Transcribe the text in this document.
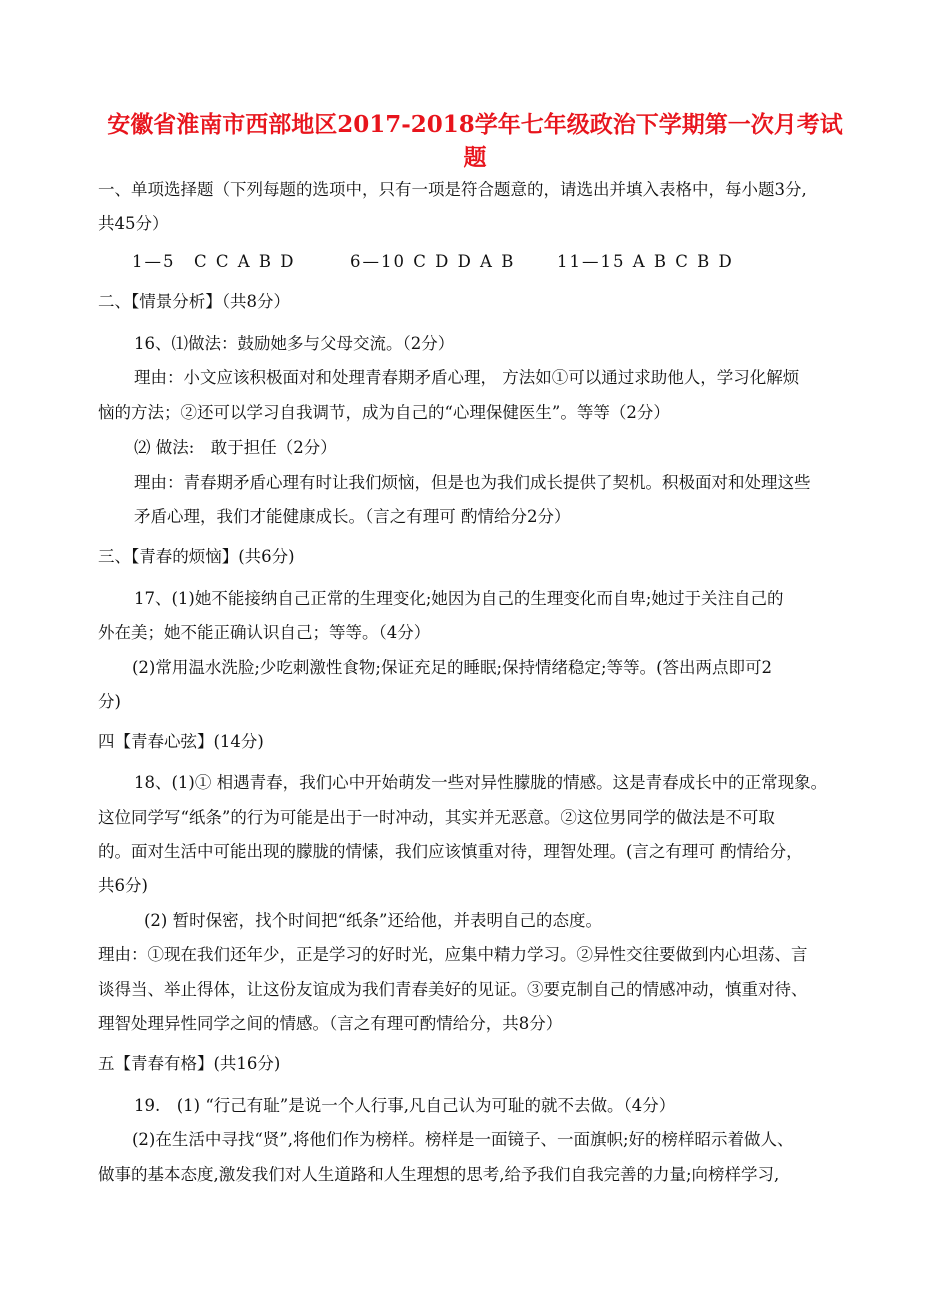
安徽省淮南市西部地区2017-2018学年七年级政治下学期第一次月考试
题
一、单项选择题（下列每题的选项中，只有一项是符合题意的，请选出并填入表格中，每小题3分,
共45分）
1—5　C C A B D	6—10 C D D A B	11—15 A B C B D
二、【情景分析】（共8分）
16、⑴做法：鼓励她多与父母交流。（2分）
理由：小文应该积极面对和处理青春期矛盾心理， 方法如①可以通过求助他人，学习化解烦
恼的方法；②还可以学习自我调节，成为自己的“心理保健医生”。等等（2分）
⑵ 做法:　敢于担任（2分）
理由：青春期矛盾心理有时让我们烦恼，但是也为我们成长提供了契机。积极面对和处理这些
矛盾心理，我们才能健康成长。（言之有理可 酌情给分2分）
三、【青春的烦恼】(共6分)
17、(1)她不能接纳自己正常的生理变化;她因为自己的生理变化而自卑;她过于关注自己的
外在美；她不能正确认识自己；等等。（4分）
(2)常用温水洗脸;少吃刺激性食物;保证充足的睡眠;保持情绪稳定;等等。(答出两点即可2
分)
四【青春心弦】(14分)
18、(1)① 相遇青春，我们心中开始萌发一些对异性朦胧的情感。这是青春成长中的正常现象。
这位同学写“纸条”的行为可能是出于一时冲动，其实并无恶意。②这位男同学的做法是不可取
的。面对生活中可能出现的朦胧的情愫，我们应该慎重对待，理智处理。(言之有理可 酌情给分，
共6分)
(2) 暂时保密，找个时间把“纸条”还给他，并表明自己的态度。
理由：①现在我们还年少，正是学习的好时光，应集中精力学习。②异性交往要做到内心坦荡、言
谈得当、举止得体，让这份友谊成为我们青春美好的见证。③要克制自己的情感冲动，慎重对待、
理智处理异性同学之间的情感。（言之有理可酌情给分，共8分）
五【青春有格】(共16分)
19.　(1) “行己有耻”是说一个人行事,凡自己认为可耻的就不去做。（4分）
(2)在生活中寻找“贤”,将他们作为榜样。榜样是一面镜子、一面旗帜;好的榜样昭示着做人、
做事的基本态度,激发我们对人生道路和人生理想的思考,给予我们自我完善的力量;向榜样学习,
